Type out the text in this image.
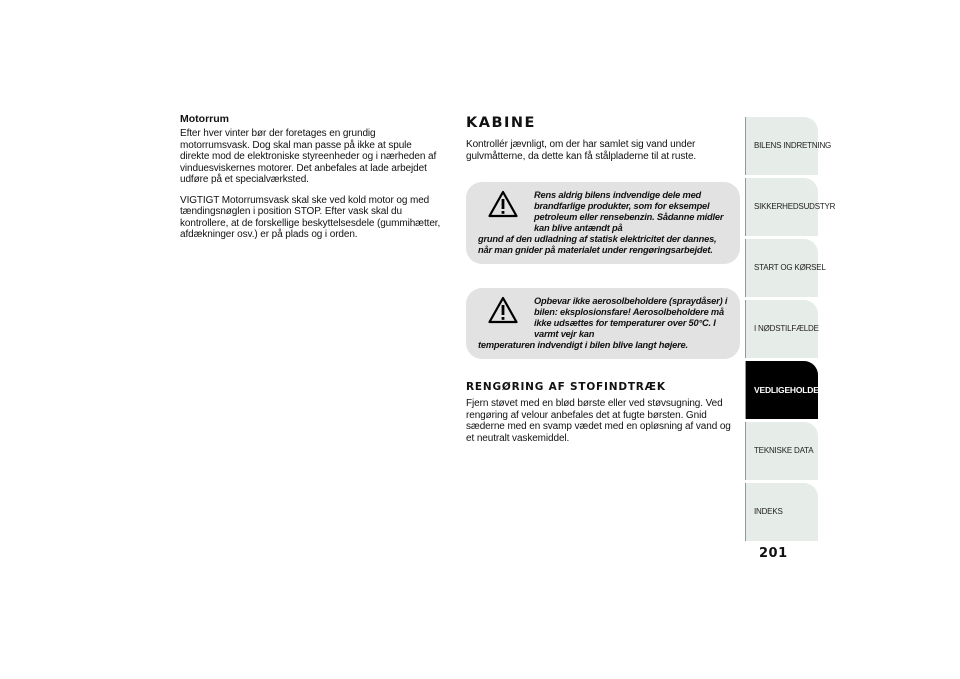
Motorrum

Efter hver vinter bør der foretages en grundig motorrumsvask. Dog skal man passe på ikke at spule direkte mod de elektroniske styreenheder og i nærheden af vinduesviskernes motorer. Det anbefales at lade arbejdet udføre på et specialværksted.

VIGTIGT Motorrumsvask skal ske ved kold motor og med tændingsnøglen i position STOP. Efter vask skal du kontrollere, at de forskellige beskyttelsesdele (gummihætter, afdækninger osv.) er på plads og i orden.

KABINE

Kontrollér jævnligt, om der har samlet sig vand under gulvmåtterne, da dette kan få stålpladerne til at ruste.

Rens aldrig bilens indvendige dele med brandfarlige produkter, som for eksempel petroleum eller rensebenzin. Sådanne midler kan blive antændt på
grund af den udladning af statisk elektricitet der dannes, når man gnider på materialet under rengøringsarbejdet.
Opbevar ikke aerosolbeholdere (spraydåser) i bilen: eksplosionsfare! Aerosolbeholdere må ikke udsættes for temperaturer over 50°C. I varmt vejr kan
temperaturen indvendigt i bilen blive langt højere.
RENGØRING AF STOFINDTRÆK

Fjern støvet med en blød børste eller ved støvsugning. Ved rengøring af velour anbefales det at fugte børsten. Gnid sæderne med en svamp vædet med en opløsning af vand og et neutralt vaskemiddel.

BILENS INDRETNING
SIKKERHEDSUDSTYR
START OG KØRSEL
I NØDSTILFÆLDE
VEDLIGEHOLDELSE
TEKNISKE DATA
INDEKS
201
